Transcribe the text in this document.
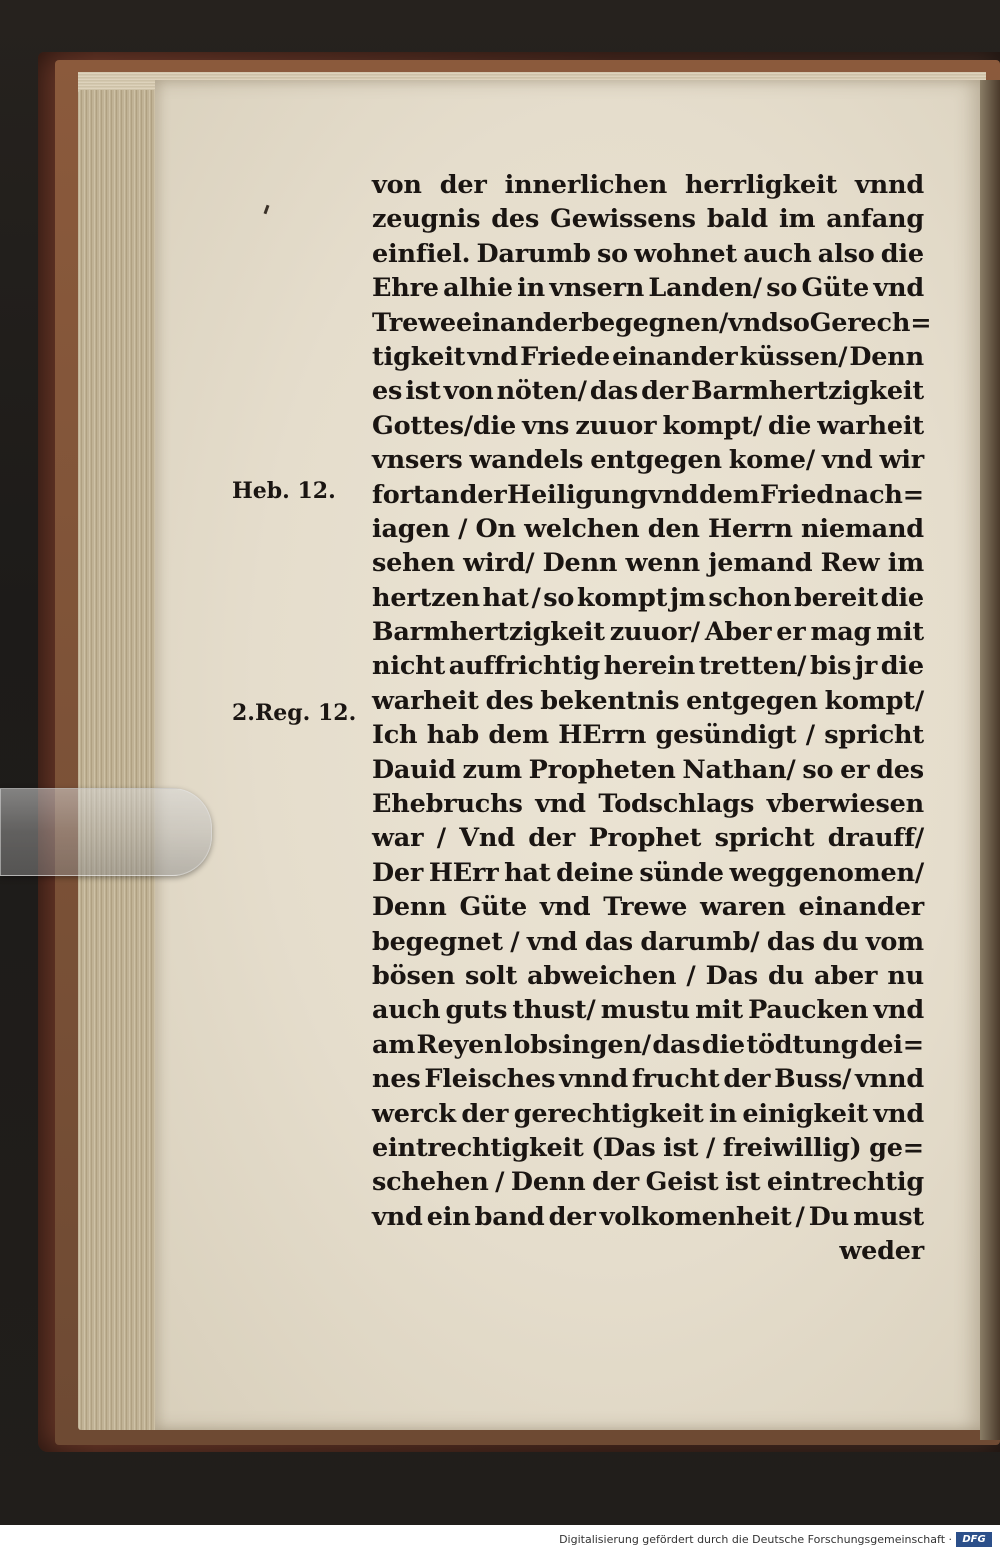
von der innerlichen herrligkeit vnnd
zeugnis des Gewissens bald im anfang
einfiel. Darumb so wohnet auch also die
Ehre alhie in vnsern Landen/ so Güte vnd
Trewe einander begegnen/vnd so Gerech=
tigkeit vnd Friede einander küssen/ Denn
es ist von nöten/ das der Barmhertzigkeit
Gottes/die vns zuuor kompt/ die warheit
vnsers wandels entgegen kome/ vnd wir
fortan der Heiligung vnd dem Fried nach=
iagen / On welchen den Herrn niemand
sehen wird/ Denn wenn jemand Rew im
hertzen hat / so kompt jm schon bereit die
Barmhertzigkeit zuuor/ Aber er mag mit
nicht auffrichtig herein tretten/ bis jr die
warheit des bekentnis entgegen kompt/
Ich hab dem HErrn gesündigt / spricht
Dauid zum Propheten Nathan/ so er des
Ehebruchs vnd Todschlags vberwiesen
war / Vnd der Prophet spricht drauff/
Der HErr hat deine sünde weggenomen/
Denn Güte vnd Trewe waren einander
begegnet / vnd das darumb/ das du vom
bösen solt abweichen / Das du aber nu
auch guts thust/ mustu mit Paucken vnd
am Reyen lobsingen/ das die tödtung dei=
nes Fleisches vnnd frucht der Buss/ vnnd
werck der gerechtigkeit in einigkeit vnd
eintrechtigkeit (Das ist / freiwillig) ge=
schehen / Denn der Geist ist eintrechtig
vnd ein band der volkomenheit / Du must
weder
Heb. 12.
2.Reg. 12.
Digitalisierung gefördert durch die Deutsche Forschungsgemeinschaft ·	DFG
